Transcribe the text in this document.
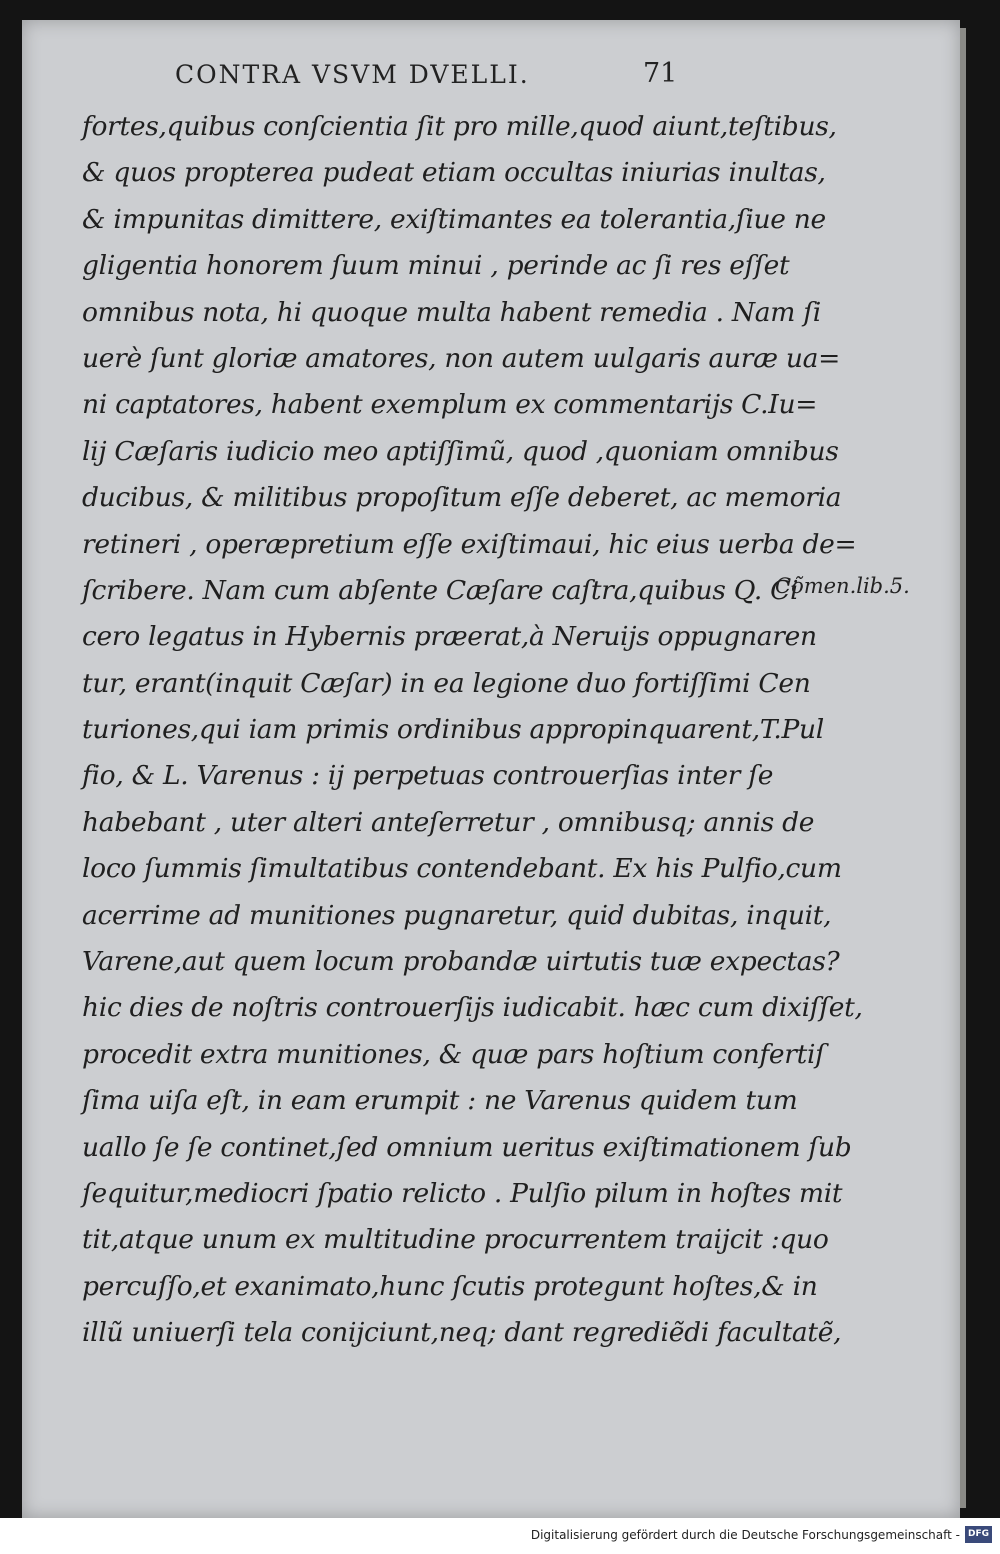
CONTRA VSVM DVELLI.	71
fortes,quibus conſcientia ſit pro mille,quod aiunt,teſtibus,
& quos propterea pudeat etiam occultas iniurias inultas,
& impunitas dimittere, exiſtimantes ea tolerantia,ſiue ne
gligentia honorem ſuum minui , perinde ac ſi res eſſet
omnibus nota, hi quoque multa habent remedia . Nam ſi
uerè ſunt gloriæ amatores, non autem uulgaris auræ ua=
ni captatores, habent exemplum ex commentarijs C.Iu=
lij Cæſaris iudicio meo aptiſſimũ, quod ,quoniam omnibus
ducibus, & militibus propoſitum eſſe deberet, ac memoria
retineri , operæpretium eſſe exiſtimaui, hic eius uerba de=
ſcribere. Nam cum abſente Cæſare caſtra,quibus Q. Ci
cero legatus in Hybernis præerat,à Neruijs oppugnaren
tur, erant(inquit Cæſar) in ea legione duo fortiſſimi Cen
turiones,qui iam primis ordinibus appropinquarent,T.Pul
fio, & L. Varenus : ij perpetuas controuerſias inter ſe
habebant , uter alteri anteſerretur , omnibusq; annis de
loco ſummis ſimultatibus contendebant. Ex his Pulfio,cum
acerrime ad munitiones pugnaretur, quid dubitas, inquit,
Varene,aut quem locum probandæ uirtutis tuæ expectas?
hic dies de noſtris controuerſijs iudicabit. hæc cum dixiſſet,
procedit extra munitiones, & quæ pars hoſtium confertiſ
ſima uiſa eſt, in eam erumpit : ne Varenus quidem tum
uallo ſe ſe continet,ſed omnium ueritus exiſtimationem ſub
ſequitur,mediocri ſpatio relicto . Pulſio pilum in hoſtes mit
tit,atque unum ex multitudine procurrentem traijcit :quo
percuſſo,et exanimato,hunc ſcutis protegunt hoſtes,& in
illũ uniuerſi tela conijciunt,neq; dant regrediẽdi facultatẽ,
Cõmen.lib.5.
Digitalisierung gefördert durch die Deutsche Forschungsgemeinschaft - DFG
